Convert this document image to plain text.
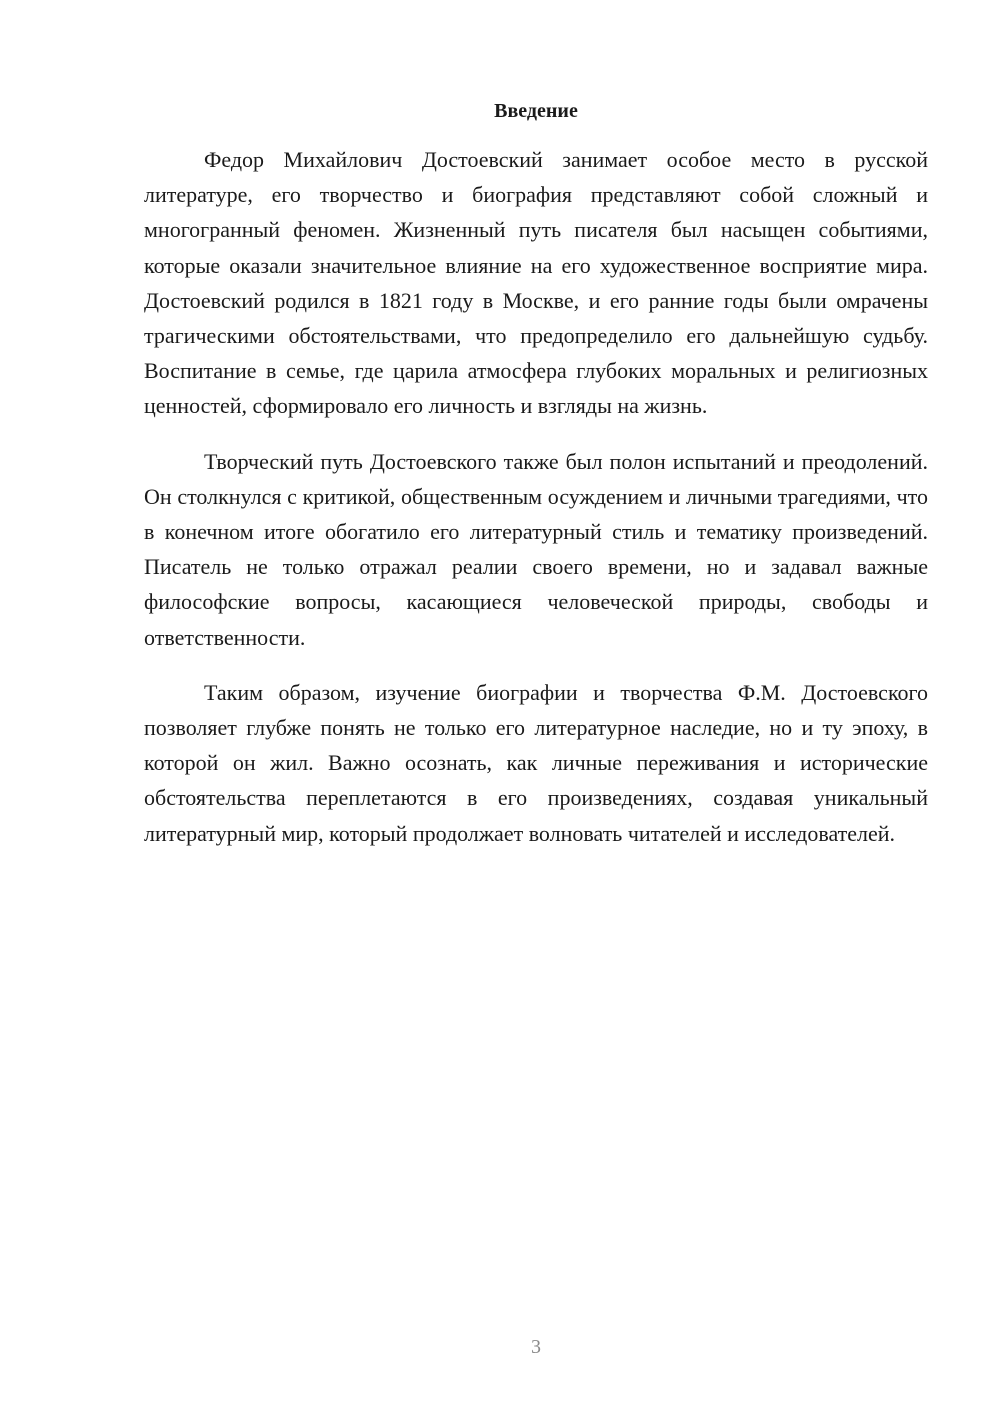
Введение

Федор Михайлович Достоевский занимает особое место в русской литературе, его творчество и биография представляют собой сложный и многогранный феномен. Жизненный путь писателя был насыщен событиями, которые оказали значительное влияние на его художественное восприятие мира. Достоевский родился в 1821 году в Москве, и его ранние годы были омрачены трагическими обстоятельствами, что предопределило его дальнейшую судьбу. Воспитание в семье, где царила атмосфера глубоких моральных и религиозных ценностей, сформировало его личность и взгляды на жизнь.

Творческий путь Достоевского также был полон испытаний и преодолений. Он столкнулся с критикой, общественным осуждением и личными трагедиями, что в конечном итоге обогатило его литературный стиль и тематику произведений. Писатель не только отражал реалии своего времени, но и задавал важные философские вопросы, касающиеся человеческой природы, свободы и ответственности.

Таким образом, изучение биографии и творчества Ф.М. Достоевского позволяет глубже понять не только его литературное наследие, но и ту эпоху, в которой он жил. Важно осознать, как личные переживания и исторические обстоятельства переплетаются в его произведениях, создавая уникальный литературный мир, который продолжает волновать читателей и исследователей.

3
